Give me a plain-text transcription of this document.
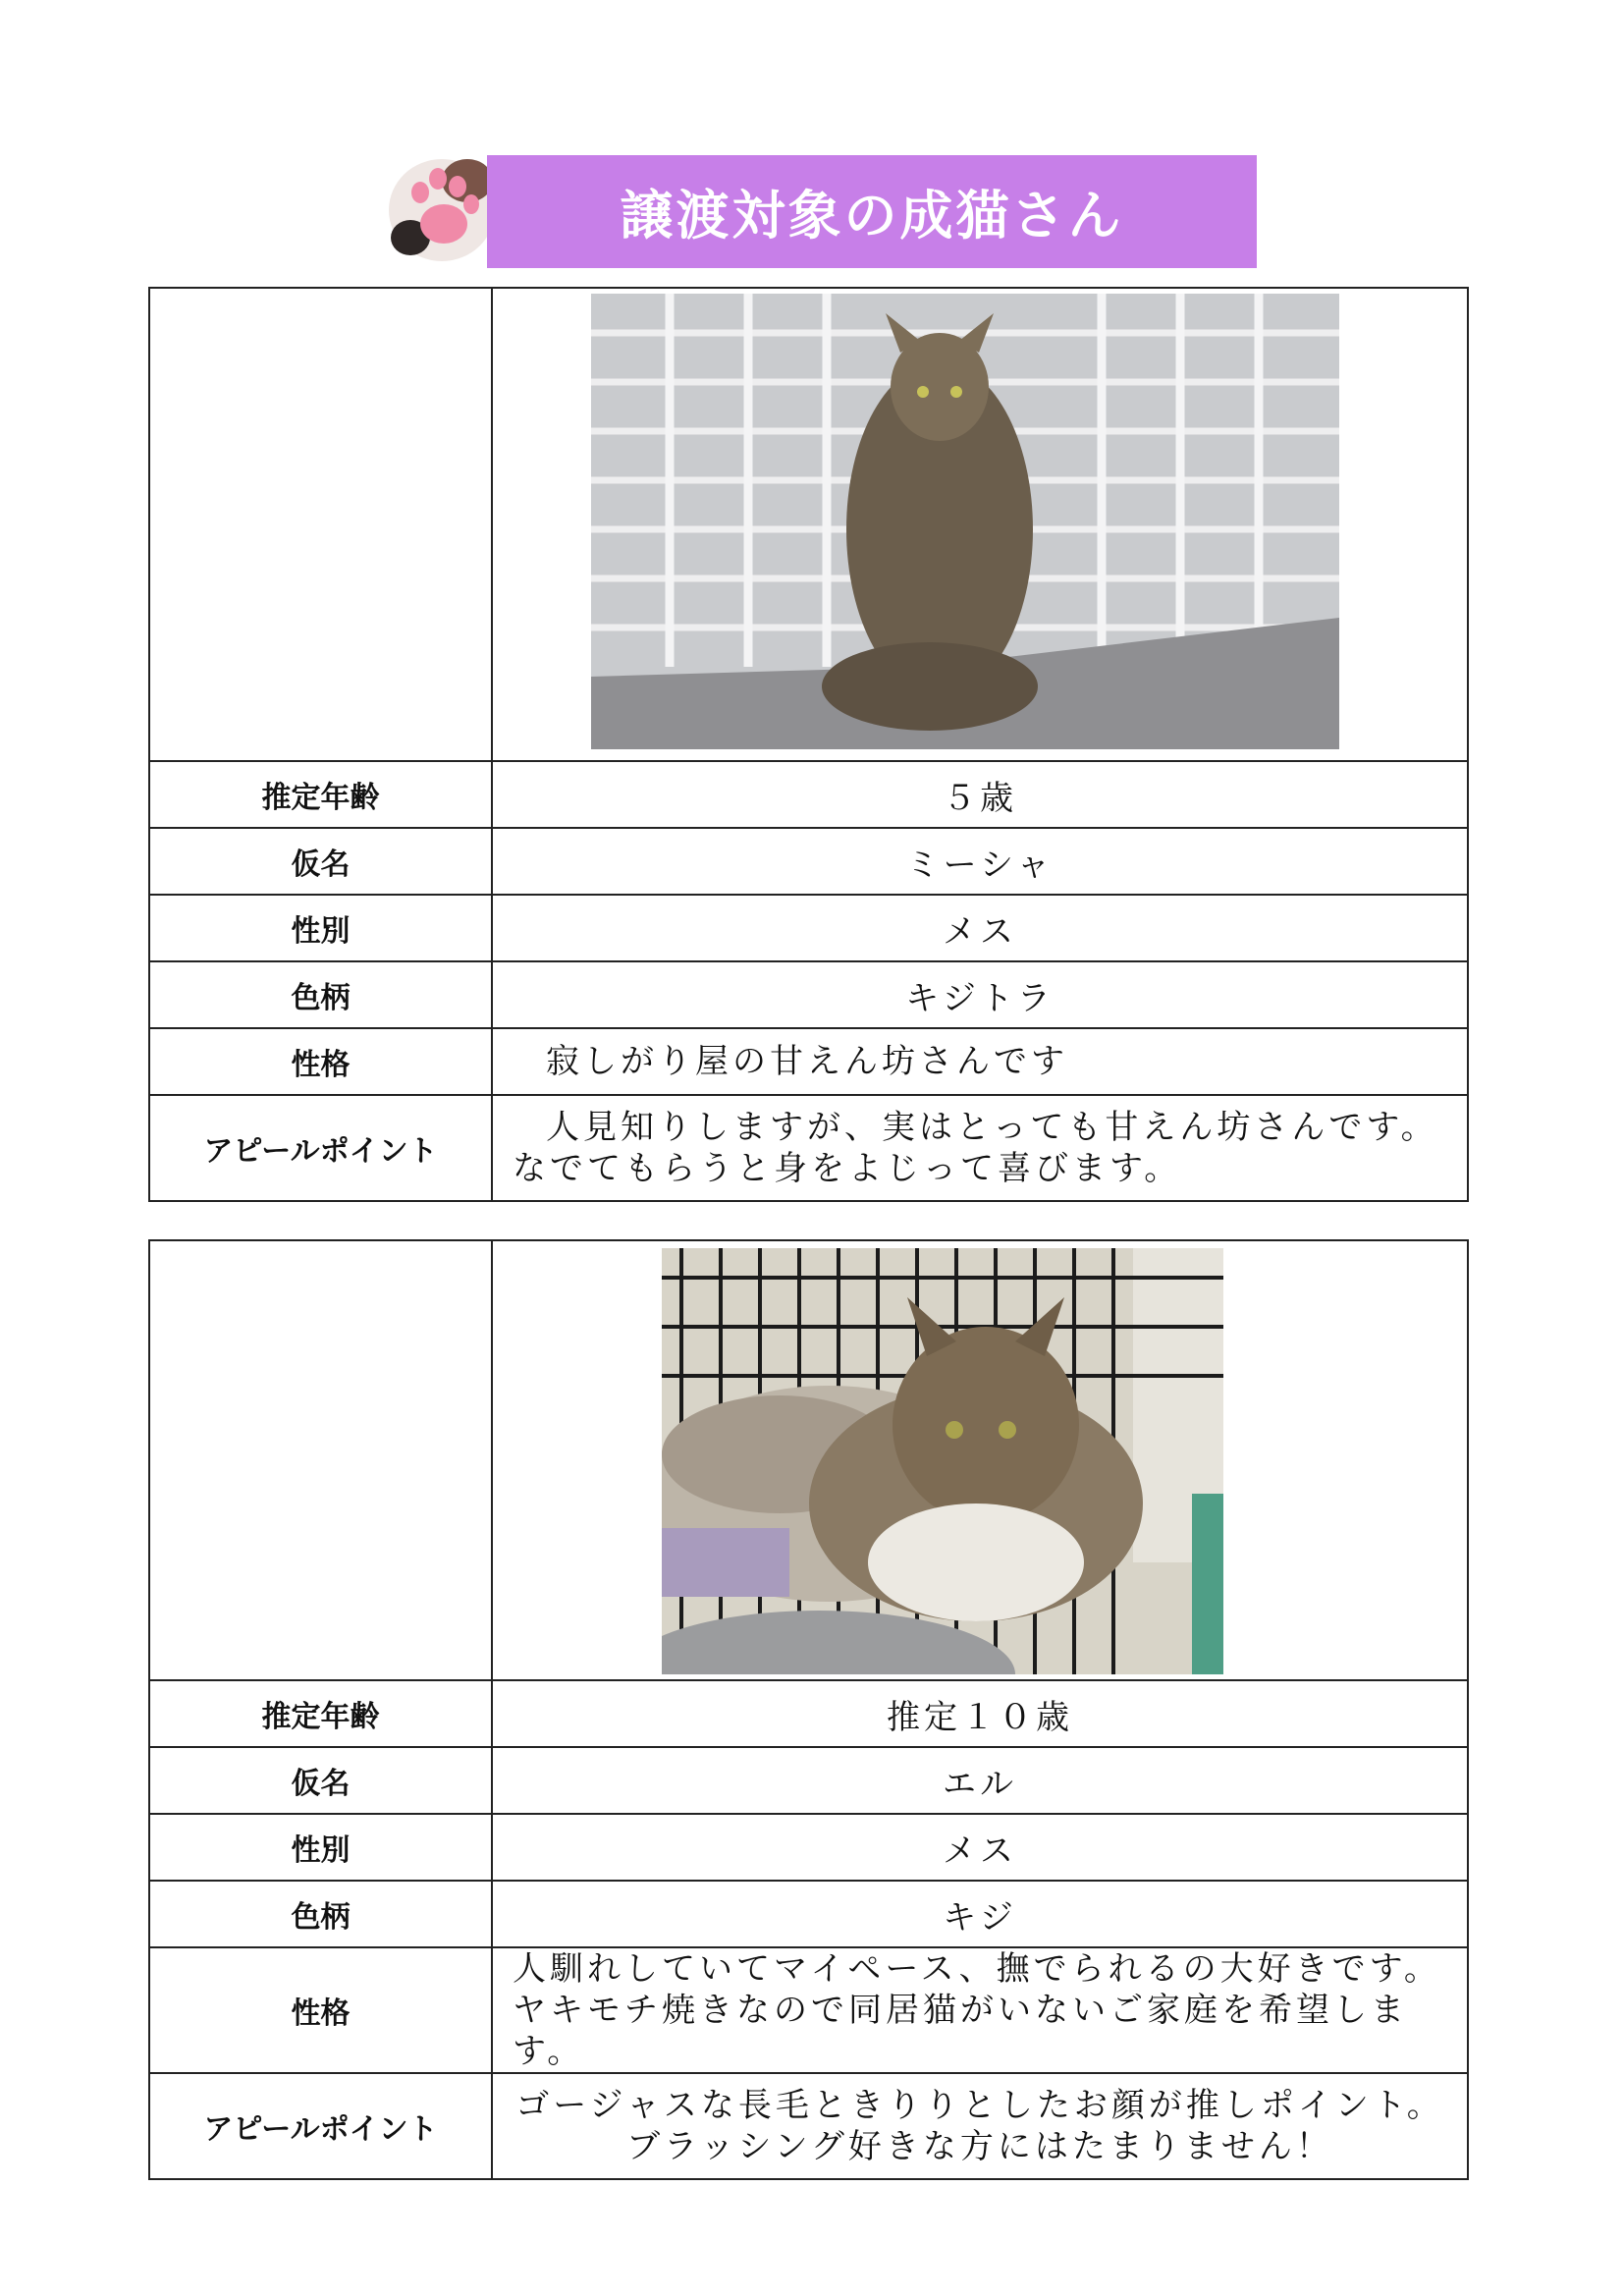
譲渡対象の成猫さん

推定年齢	５歳
仮名	ミーシャ
性別	メス
色柄	キジトラ
性格	寂しがり屋の甘えん坊さんです
アピールポイント	人見知りしますが、実はとっても甘えん坊さんです。
なでてもらうと身をよじって喜びます。

推定年齢	推定１０歳
仮名	エル
性別	メス
色柄	キジ
性格	人馴れしていてマイペース、撫でられるの大好きです。
ヤキモチ焼きなので同居猫がいないご家庭を希望します。

アピールポイント	ゴージャスな長毛ときりりとしたお顔が推しポイント。
ブラッシング好きな方にはたまりません！
